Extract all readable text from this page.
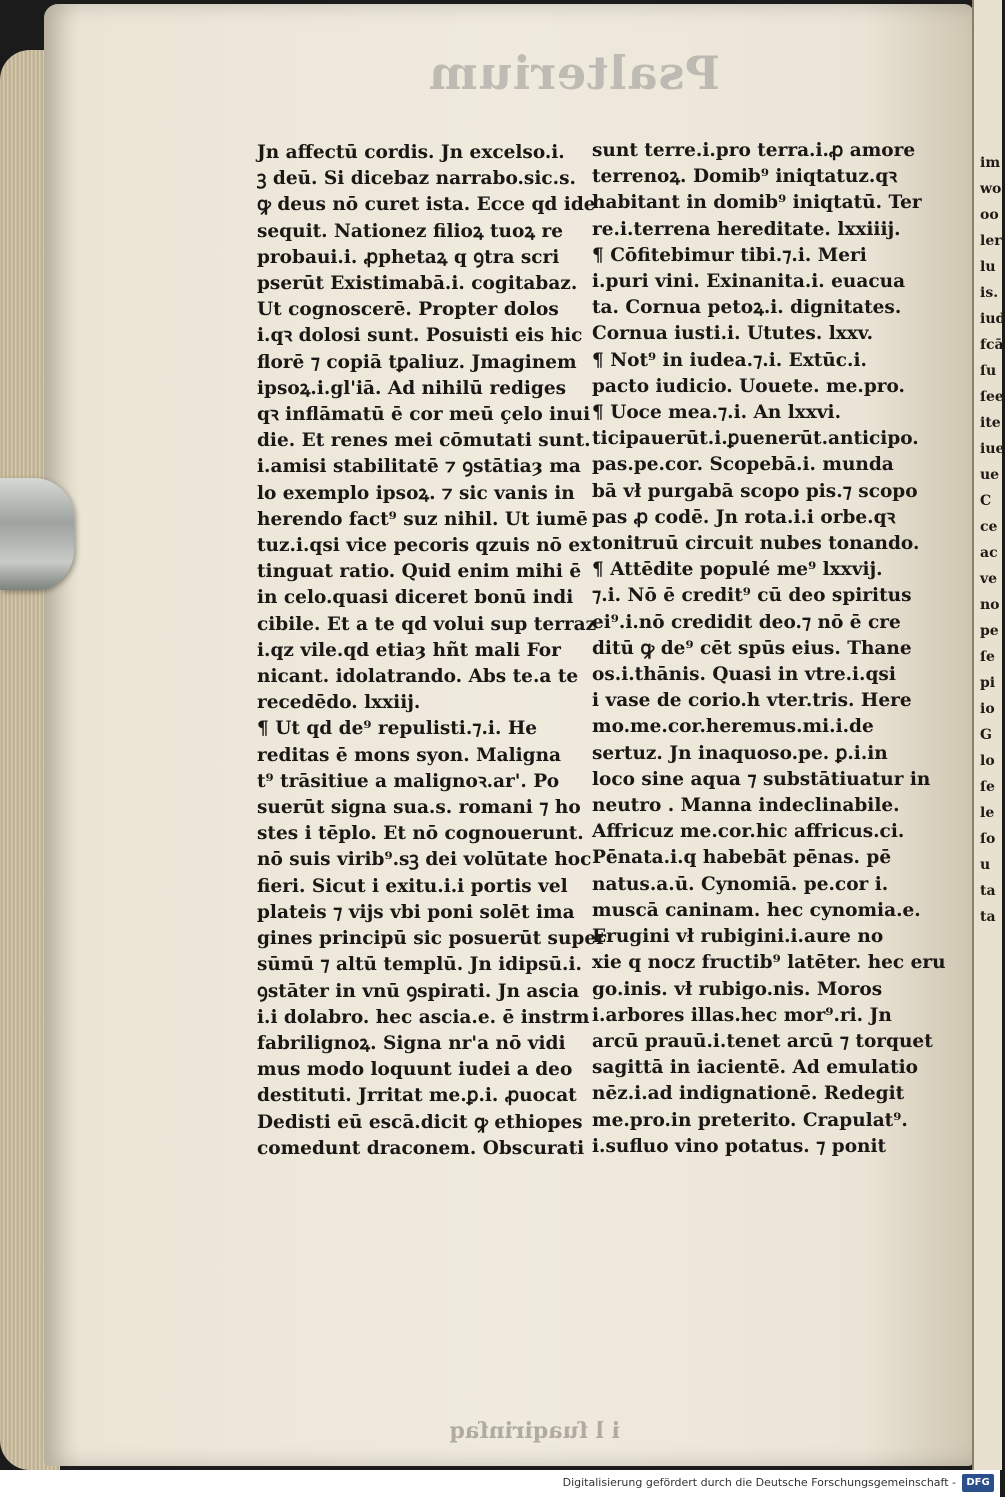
im
wo
oo
ler
lu
is.
iud
fcā
ſu
ſee
ite
iue
ue
C
ce
ac
ve
no
pe
ſe
pi
io
G
lo
ſe
le
ſo
u
ta
ta
Psalterium
Jn affectū cordis. Jn excelso.i.
ꝫ deū. Si dicebaz narrabo.sic.s.
ꝙ deus nō curet ista. Ecce qd ide
sequit. Nationez filioꝝ tuoꝝ re
probaui.i. ꝓphetaꝝ q ꝯtra scri
pserūt Existimabā.i. cogitabaz.
Ut cognoscerē. Propter dolos
i.qꝛ dolosi sunt. Posuisti eis hic
florē ⁊ copiā tꝑaliuz. Jmaginem
ipsoꝝ.i.gl'iā. Ad nihilū rediges
qꝛ inflāmatū ē cor meū çelo inui
die. Et renes mei cōmutati sunt.
i.amisi stabilitatē ⁊ ꝯstātiaȝ ma
lo exemplo ipsoꝝ. ⁊ sic vanis in
herendo fact⁹ suz nihil. Ut iumē
tuz.i.qsi vice pecoris qzuis nō ex
tinguat ratio. Quid enim mihi ē
in celo.quasi diceret bonū indi
cibile. Et a te qd volui sup terraz
i.qz vile.qd etiaȝ hñt mali For
nicant. idolatrando. Abs te.a te
recedēdo. lxxiij.
¶ Ut qd de⁹ repulisti.⁊.i. He
reditas ē mons syon. Maligna
t⁹ trāsitiue a malignoꝛ.ar'. Po
suerūt signa sua.s. romani ⁊ ho
stes i tēplo. Et nō cognouerunt.
nō suis virib⁹.sꝫ dei volūtate hoc
fieri. Sicut i exitu.i.i portis vel
plateis ⁊ vijs vbi poni solēt ima
gines principū sic posuerūt super
sūmū ⁊ altū templū. Jn idipsū.i.
ꝯstāter in vnū ꝯspirati. Jn ascia
i.i dolabro. hec ascia.e. ē instrm
fabrilignoꝝ. Signa nr'a nō vidi
mus modo loquunt iudei a deo
destituti. Jrritat me.ꝑ.i. ꝓuocat
Dedisti eū escā.dicit ꝙ ethiopes
comedunt draconem. Obscurati
sunt terre.i.pro terra.i.ꝓ amore
terrenoꝝ. Domib⁹ iniqtatuz.qꝛ
habitant in domib⁹ iniqtatū. Ter
re.i.terrena hereditate. lxxiiij.
¶ Cōfitebimur tibi.⁊.i. Meri
i.puri vini. Exinanita.i. euacua
ta. Cornua petoꝝ.i. dignitates.
Cornua iusti.i. Ututes. lxxv.
¶ Not⁹ in iudea.⁊.i. Extūc.i.
pacto iudicio. Uouete. me.pro.
¶ Uoce mea.⁊.i. An lxxvi.
ticipauerūt.i.ꝑuenerūt.anticipo.
pas.pe.cor. Scopebā.i. munda
bā vł purgabā scopo pis.⁊ scopo
pas ꝓ codē. Jn rota.i.i orbe.qꝛ
tonitruū circuit nubes tonando.
¶ Attēdite populé me⁹ lxxvij.
⁊.i. Nō ē credit⁹ cū deo spiritus
ei⁹.i.nō credidit deo.⁊ nō ē cre
ditū ꝙ de⁹ cēt spūs eius. Thane
os.i.thānis. Quasi in vtre.i.qsi
i vase de corio.h vter.tris. Here
mo.me.cor.heremus.mi.i.de
sertuz. Jn inaquoso.pe. ꝑ.i.in
loco sine aqua ⁊ substātiuatur in
neutro . Manna indeclinabile.
Affricuz me.cor.hic affricus.ci.
Pēnata.i.q habebāt pēnas. pē
natus.a.ū. Cynomiā. pe.cor i.
muscā caninam. hec cynomia.e.
Erugini vł rubigini.i.aure no
xie q nocz fructib⁹ latēter. hec eru
go.inis. vł rubigo.nis. Moros
i.arbores illas.hec mor⁹.ri. Jn
arcū prauū.i.tenet arcū ⁊ torquet
sagittā in iacientē. Ad emulatio
nēz.i.ad indignationē. Redegit
me.pro.in preterito. Crapulat⁹.
i.sufluo vino potatus. ⁊ ponit
i l ſuaqirinſaq
Digitalisierung gefördert durch die Deutsche Forschungsgemeinschaft -	DFG
